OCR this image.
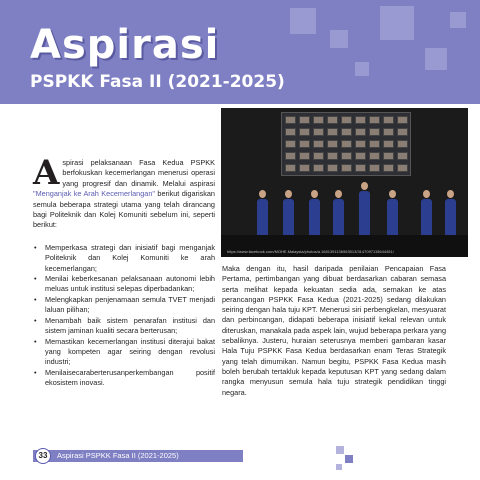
Aspirasi
PSPKK Fasa II (2021-2025)

Aspirasi pelaksanaan Fasa Kedua PSPKK berfokuskan kecemerlangan menerusi operasi yang progresif dan dinamik. Melalui aspirasi "Menganjak ke Arah Kecemerlangan" berikut digariskan semula beberapa strategi utama yang telah dirancang bagi Politeknik dan Kolej Komuniti sebelum ini, seperti berikut:

• Memperkasa strategi dan inisiatif bagi menganjak Politeknik dan Kolej Komuniti ke arah kecemerlangan;
• Menilai keberkesanan pelaksanaan autonomi lebih meluas untuk institusi selepas diperbadankan;
• Melengkapkan penjenamaan semula TVET menjadi laluan pilihan;
• Menambah baik sistem penarafan institusi dan sistem jaminan kualiti secara berterusan;
• Memastikan kecemerlangan institusi diterajui bakat yang kompeten agar seiring dengan revolusi industri;
• Menilaisecaraberterusanperkembangan positif ekosistem inovasi.
https://www.facebook.com/MOHE.Malaysia/photos/a.1681391136963513/3147097115644451/

Maka dengan itu, hasil daripada penilaian Pencapaian Fasa Pertama, pertimbangan yang dibuat berdasarkan cabaran semasa serta melihat kepada kekuatan sedia ada, semakan ke atas perancangan PSPKK Fasa Kedua (2021-2025) sedang dilakukan seiring dengan hala tuju KPT. Menerusi siri perbengkelan, mesyuarat dan perbincangan, didapati beberapa inisiatif kekal relevan untuk diteruskan, manakala pada aspek lain, wujud beberapa perkara yang sebaliknya. Justeru, huraian seterusnya memberi gambaran kasar Hala Tuju PSPKK Fasa Kedua berdasarkan enam Teras Strategik yang telah dimurnikan. Namun begitu, PSPKK Fasa Kedua masih boleh berubah tertakluk kepada keputusan KPT yang sedang dalam rangka menyusun semula hala tuju strategik pendidikan tinggi negara.

33	Aspirasi PSPKK Fasa II (2021-2025)
